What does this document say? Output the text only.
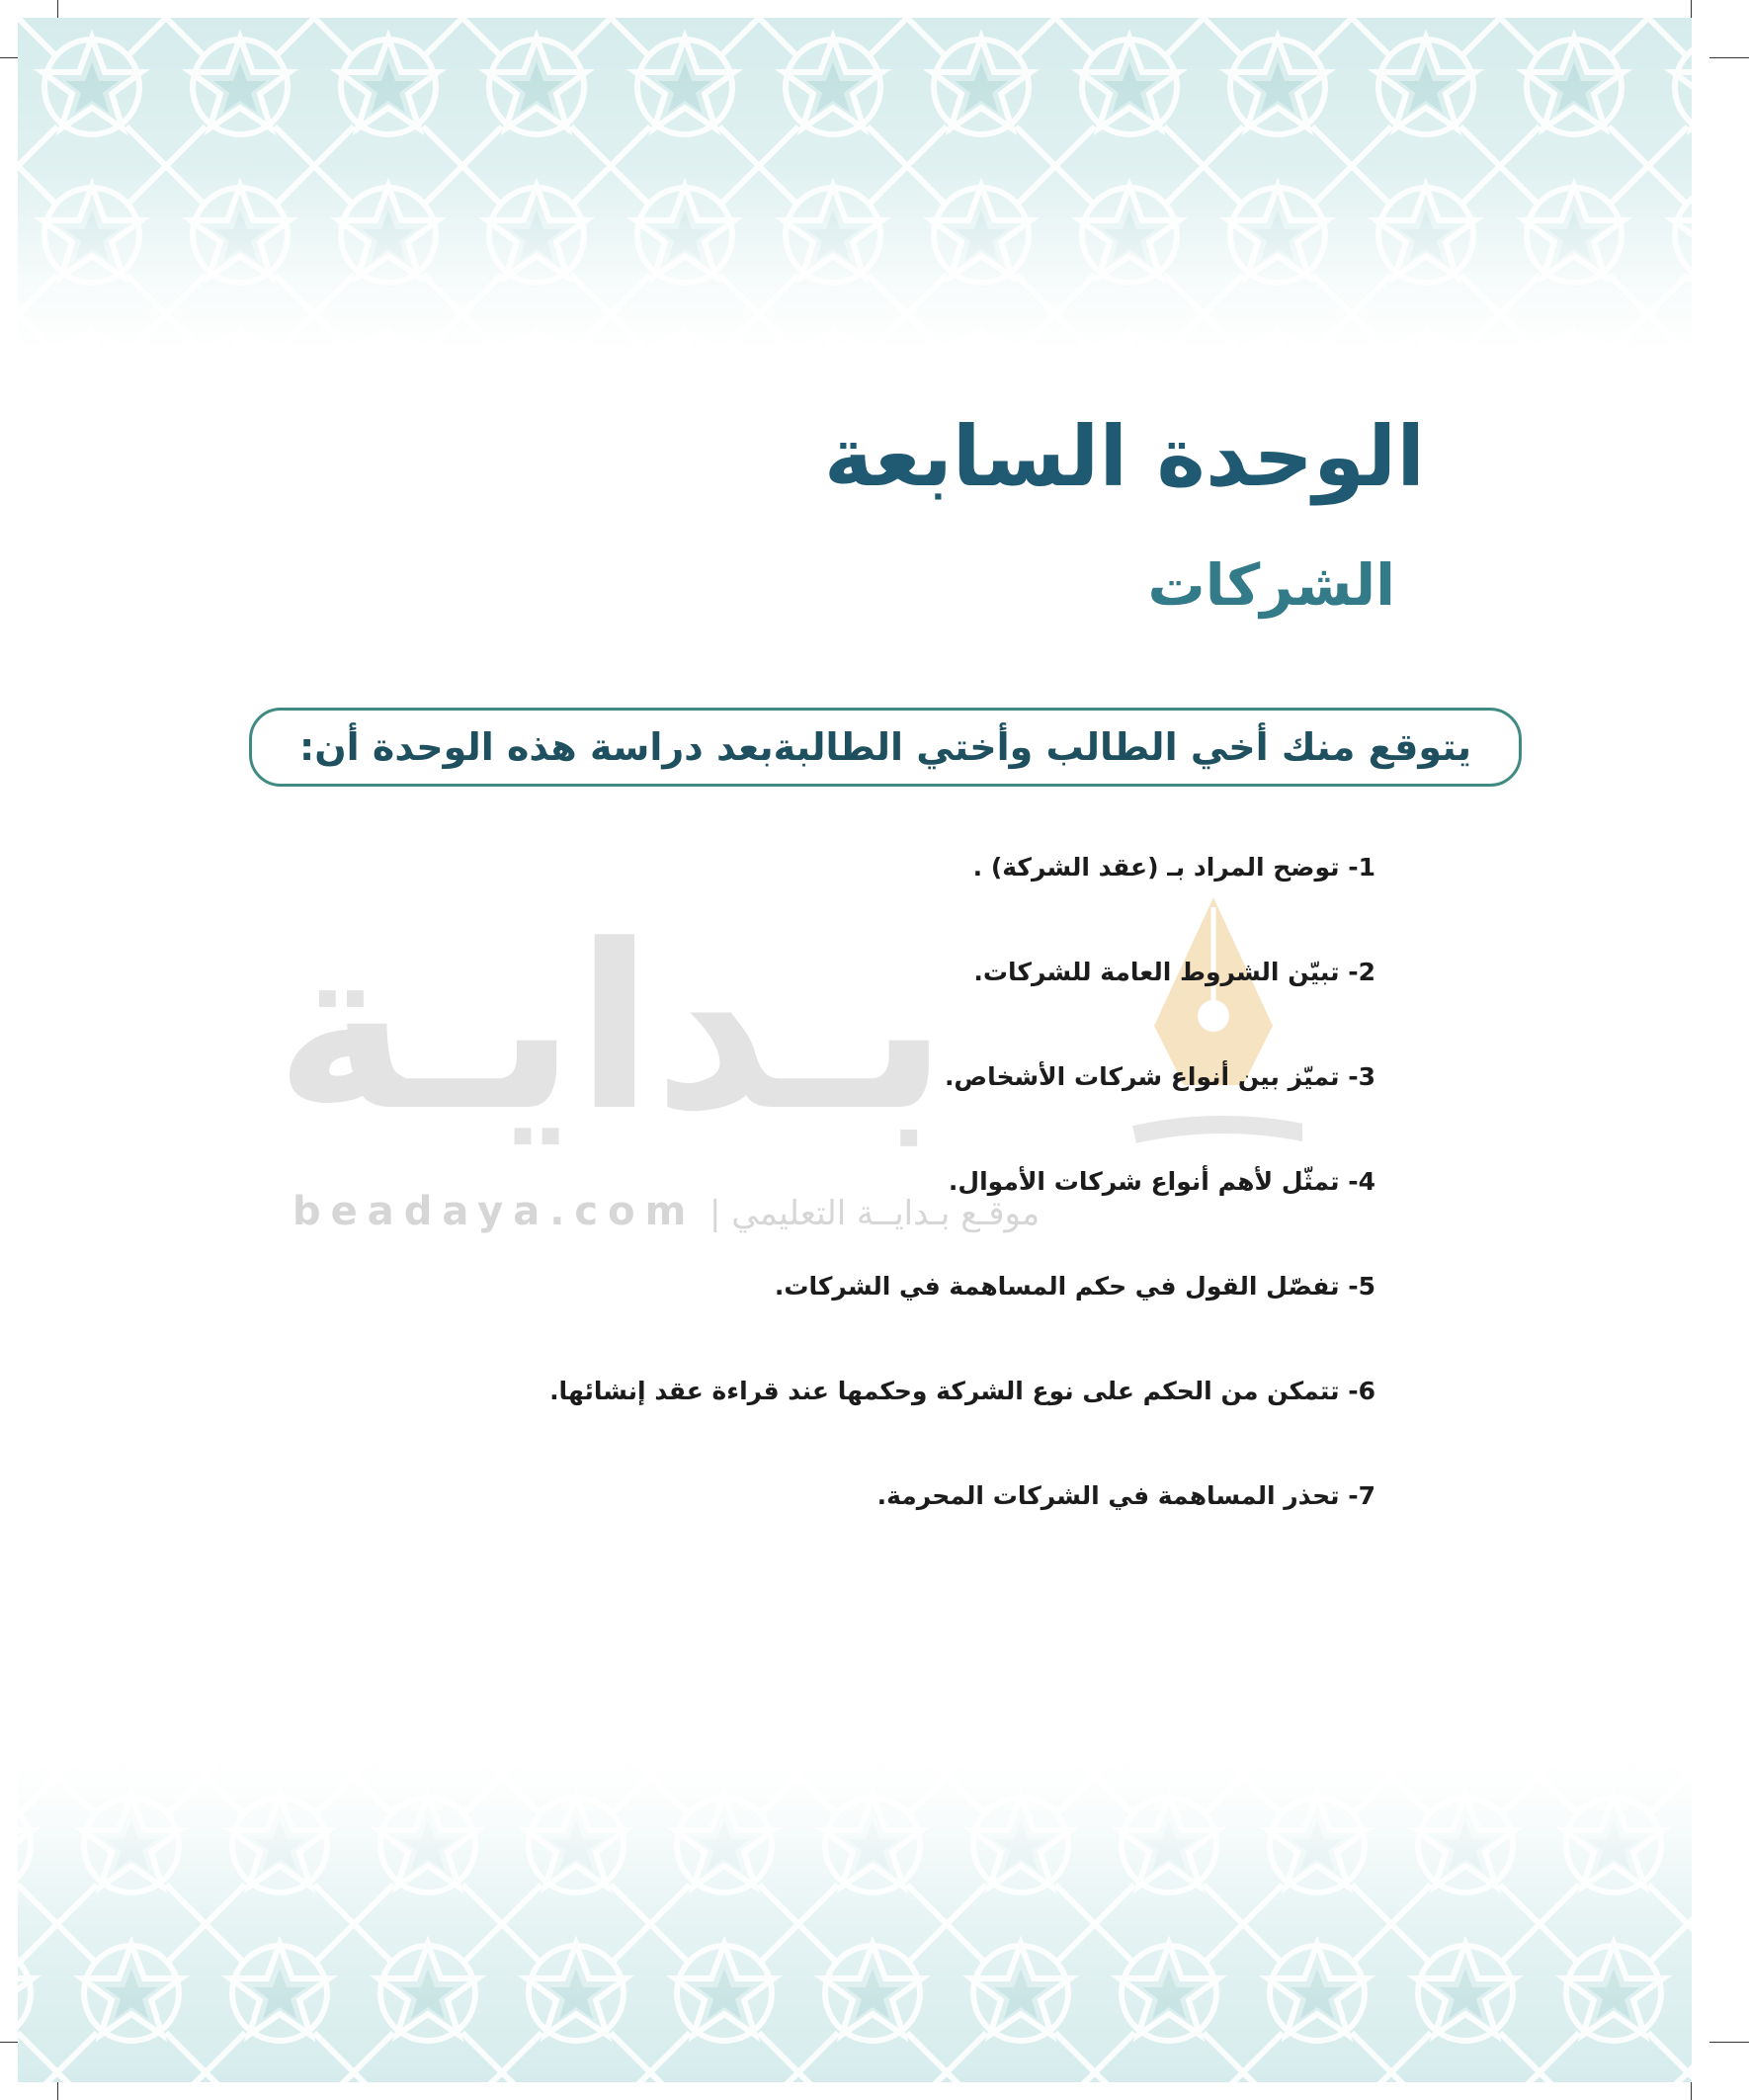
بـدايـة
beadaya.com موقـع بـدايــة التعليمي |
الوحدة السابعة
الشركات
يتوقع منك أخي الطالب وأختي الطالبةبعد دراسة هذه الوحدة أن:
1- توضح المراد بـ (عقد الشركة) .
2- تبيّن الشروط العامة للشركات.
3- تميّز بين أنواع شركات الأشخاص.
4- تمثّل لأهم أنواع شركات الأموال.
5- تفصّل القول في حكم المساهمة في الشركات.
6- تتمكن من الحكم على نوع الشركة وحكمها عند قراءة عقد إنشائها.
7- تحذر المساهمة في الشركات المحرمة.
